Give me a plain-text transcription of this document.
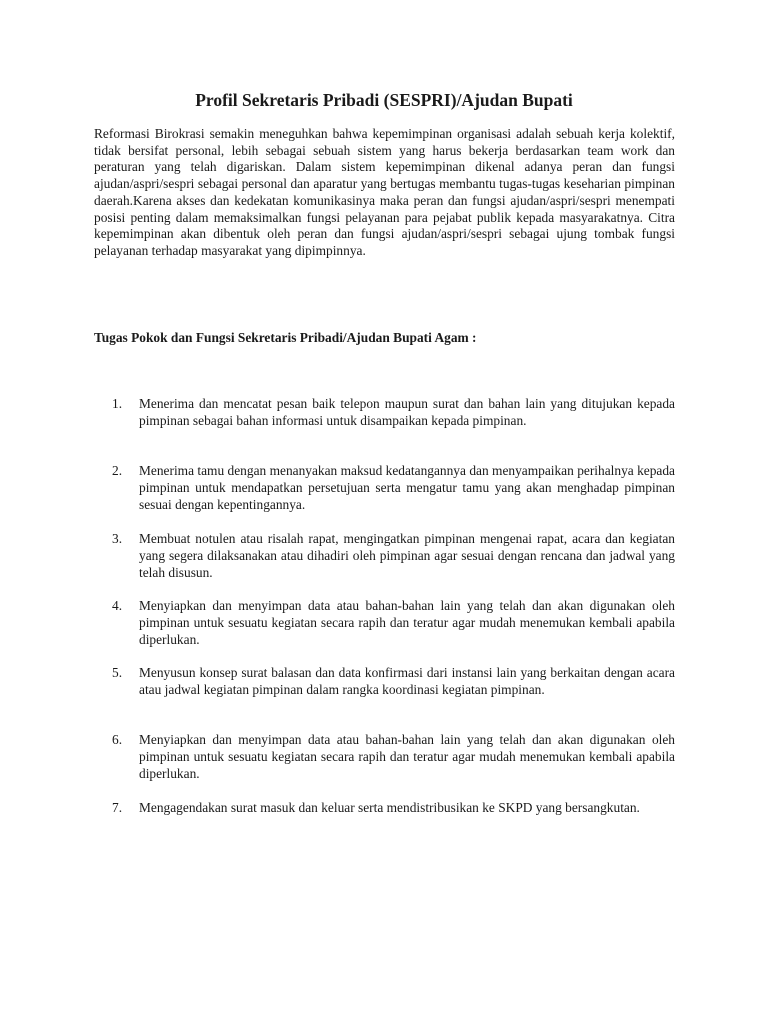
Profil Sekretaris Pribadi (SESPRI)/Ajudan Bupati

Reformasi Birokrasi semakin meneguhkan bahwa kepemimpinan organisasi adalah sebuah kerja kolektif, tidak bersifat personal, lebih sebagai sebuah sistem yang harus bekerja berdasarkan team work dan peraturan yang telah digariskan. Dalam sistem kepemimpinan dikenal adanya peran dan fungsi ajudan/aspri/sespri sebagai personal dan aparatur yang bertugas membantu tugas-tugas keseharian pimpinan daerah.Karena akses dan kedekatan komunikasinya maka peran dan fungsi ajudan/aspri/sespri menempati posisi penting dalam memaksimalkan fungsi pelayanan para pejabat publik kepada masyarakatnya. Citra kepemimpinan akan dibentuk oleh peran dan fungsi ajudan/aspri/sespri sebagai ujung tombak fungsi pelayanan terhadap masyarakat yang dipimpinnya.

Tugas Pokok dan Fungsi Sekretaris Pribadi/Ajudan Bupati Agam :

1.	Menerima dan mencatat pesan baik telepon maupun surat dan bahan lain yang ditujukan kepada pimpinan sebagai bahan informasi untuk disampaikan kepada pimpinan.
2.	Menerima tamu dengan menanyakan maksud kedatangannya dan menyampaikan perihalnya kepada pimpinan untuk mendapatkan persetujuan serta mengatur tamu yang akan menghadap pimpinan sesuai dengan kepentingannya.
3.	Membuat notulen atau risalah rapat, mengingatkan pimpinan mengenai rapat, acara dan kegiatan yang segera dilaksanakan atau dihadiri oleh pimpinan agar sesuai dengan rencana dan jadwal yang telah disusun.
4.	Menyiapkan dan menyimpan data atau bahan-bahan lain yang telah dan akan digunakan oleh pimpinan untuk sesuatu kegiatan secara rapih dan teratur agar mudah menemukan kembali apabila diperlukan.
5.	Menyusun konsep surat balasan dan data konfirmasi dari instansi lain yang berkaitan dengan acara atau jadwal kegiatan pimpinan dalam rangka koordinasi kegiatan pimpinan.
6.	Menyiapkan dan menyimpan data atau bahan-bahan lain yang telah dan akan digunakan oleh pimpinan untuk sesuatu kegiatan secara rapih dan teratur agar mudah menemukan kembali apabila diperlukan.
7.	Mengagendakan surat masuk dan keluar serta mendistribusikan ke SKPD yang bersangkutan.
